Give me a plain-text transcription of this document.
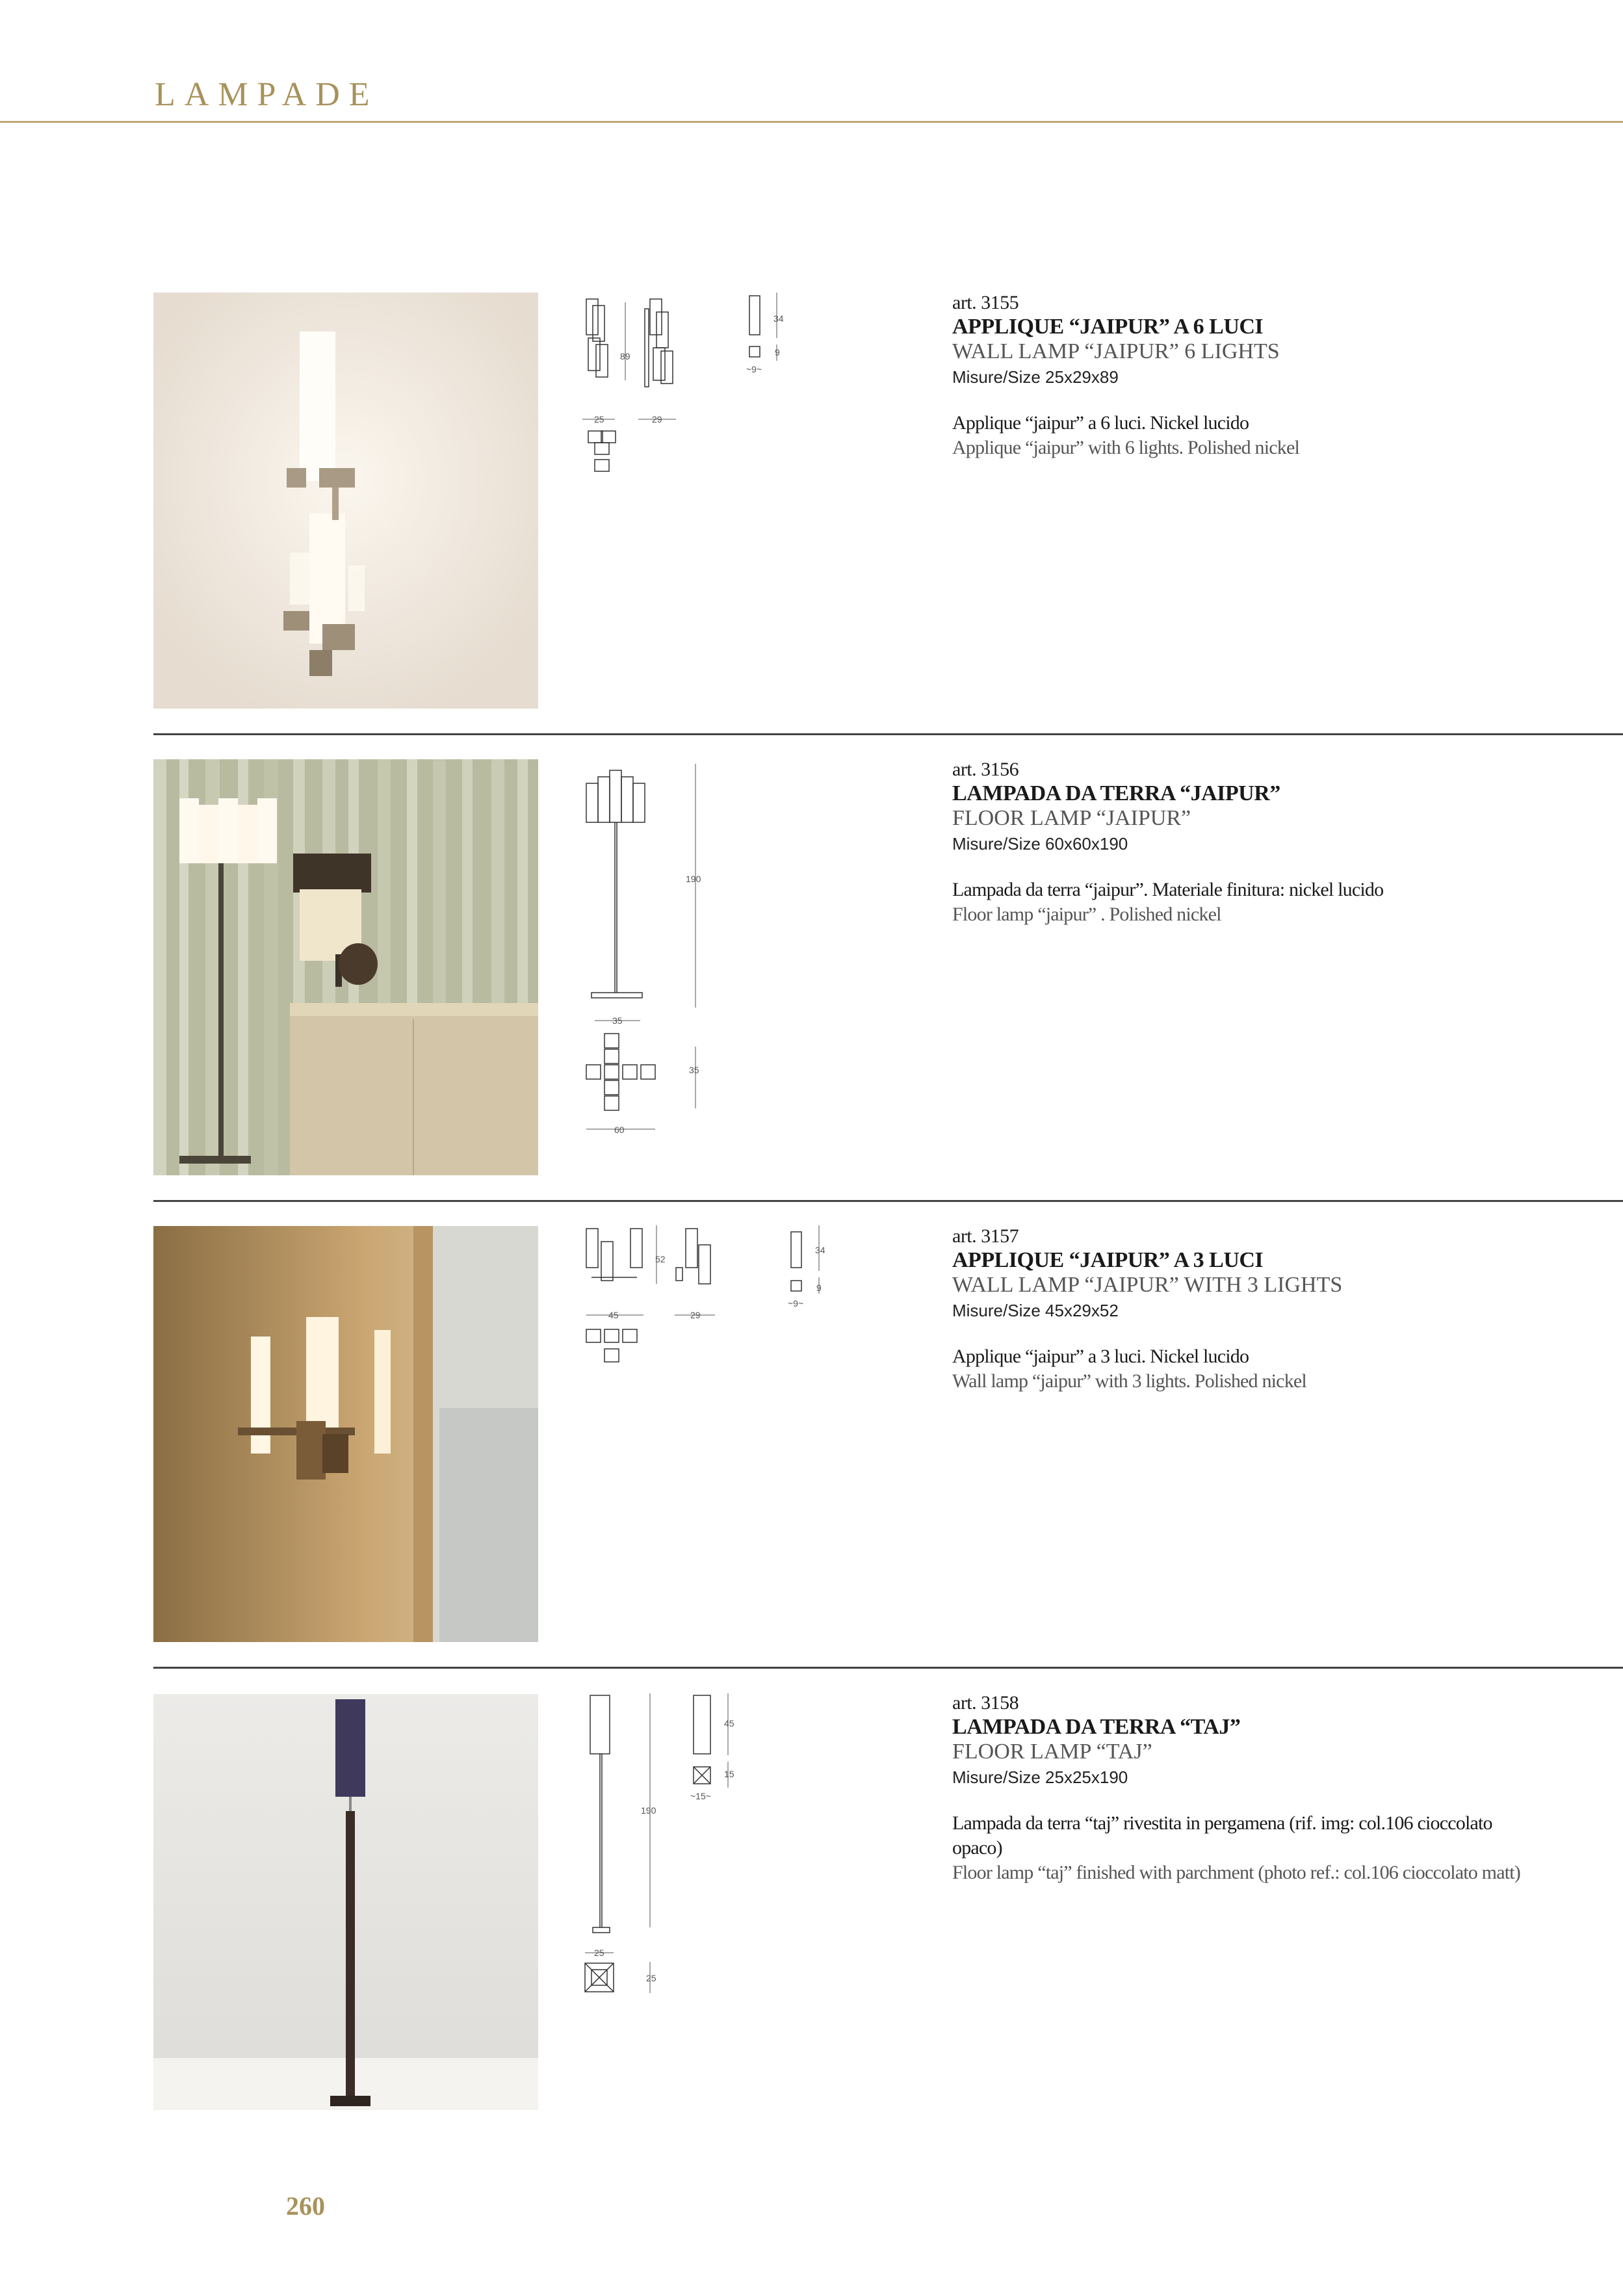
LAMPADE
89
25	29
34
9
~9~
art. 3155
APPLIQUE “JAIPUR” A 6 LUCI
WALL LAMP “JAIPUR” 6 LIGHTS
Misure/Size 25x29x89
Applique “jaipur” a 6 luci. Nickel lucido
Applique “jaipur” with 6 lights. Polished nickel
190
35
35
60
art. 3156
LAMPADA DA TERRA “JAIPUR”
FLOOR LAMP “JAIPUR”
Misure/Size 60x60x190
Lampada da terra “jaipur”. Materiale finitura: nickel lucido
Floor lamp “jaipur” . Polished nickel
52
45	29
34
9
~9~
art. 3157
APPLIQUE “JAIPUR” A 3 LUCI
WALL LAMP “JAIPUR” WITH 3 LIGHTS
Misure/Size 45x29x52
Applique “jaipur” a 3 luci. Nickel lucido
Wall lamp “jaipur” with 3 lights. Polished nickel
190
45
15
~15~
25
25
art. 3158
LAMPADA DA TERRA “TAJ”
FLOOR LAMP “TAJ”
Misure/Size 25x25x190
Lampada da terra “taj” rivestita in pergamena (rif. img: col.106 cioccolato opaco)
Floor lamp “taj” finished with parchment (photo ref.: col.106 cioccolato matt)
260
